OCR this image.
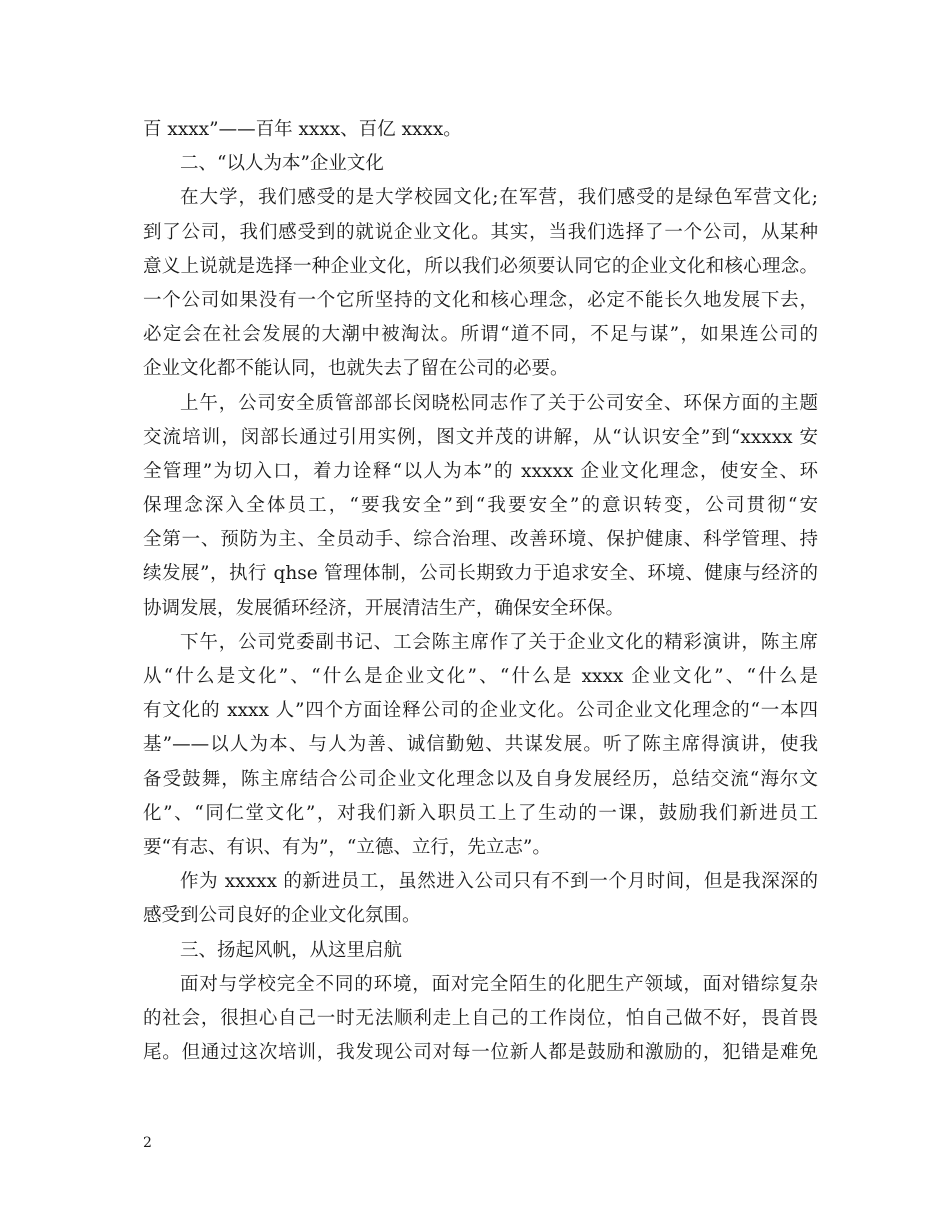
百 xxxx”——百年 xxxx、百亿 xxxx。
二、“以人为本”企业文化
在大学，我们感受的是大学校园文化;在军营，我们感受的是绿色军营文化;
到了公司，我们感受到的就说企业文化。其实，当我们选择了一个公司，从某种
意义上说就是选择一种企业文化，所以我们必须要认同它的企业文化和核心理念。
一个公司如果没有一个它所坚持的文化和核心理念，必定不能长久地发展下去，
必定会在社会发展的大潮中被淘汰。所谓“道不同，不足与谋”，如果连公司的
企业文化都不能认同，也就失去了留在公司的必要。
上午，公司安全质管部部长闵晓松同志作了关于公司安全、环保方面的主题
交流培训，闵部长通过引用实例，图文并茂的讲解，从“认识安全”到“xxxxx 安
全管理”为切入口，着力诠释“以人为本”的 xxxxx 企业文化理念，使安全、环
保理念深入全体员工，“要我安全”到“我要安全”的意识转变，公司贯彻“安
全第一、预防为主、全员动手、综合治理、改善环境、保护健康、科学管理、持
续发展”，执行 qhse 管理体制，公司长期致力于追求安全、环境、健康与经济的
协调发展，发展循环经济，开展清洁生产，确保安全环保。
下午，公司党委副书记、工会陈主席作了关于企业文化的精彩演讲，陈主席
从“什么是文化”、“什么是企业文化”、“什么是 xxxx 企业文化”、“什么是
有文化的 xxxx 人”四个方面诠释公司的企业文化。公司企业文化理念的“一本四
基”——以人为本、与人为善、诚信勤勉、共谋发展。听了陈主席得演讲，使我
备受鼓舞，陈主席结合公司企业文化理念以及自身发展经历，总结交流“海尔文
化”、“同仁堂文化”，对我们新入职员工上了生动的一课，鼓励我们新进员工
要“有志、有识、有为”，“立德、立行，先立志”。
作为 xxxxx 的新进员工，虽然进入公司只有不到一个月时间，但是我深深的
感受到公司良好的企业文化氛围。
三、扬起风帆，从这里启航
面对与学校完全不同的环境，面对完全陌生的化肥生产领域，面对错综复杂
的社会，很担心自己一时无法顺利走上自己的工作岗位，怕自己做不好，畏首畏
尾。但通过这次培训，我发现公司对每一位新人都是鼓励和激励的，犯错是难免
2
